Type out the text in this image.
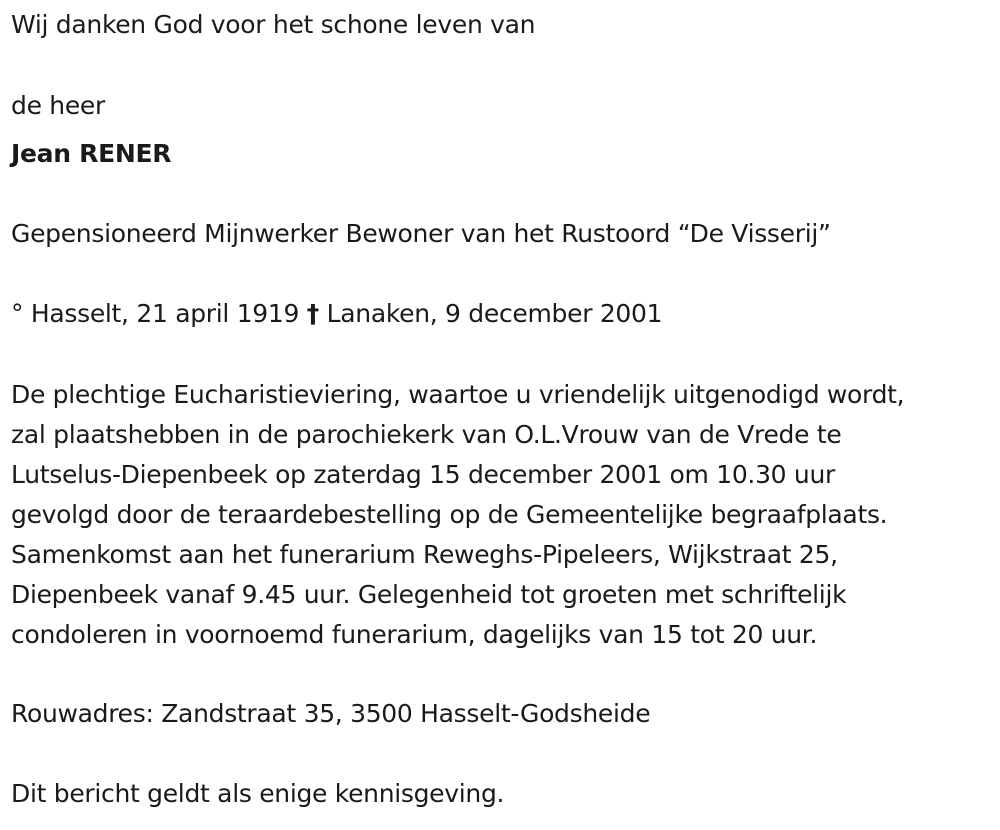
Wij danken God voor het schone leven van
de heer
Jean RENER
Gepensioneerd Mijnwerker Bewoner van het Rustoord “De Visserij”
° Hasselt, 21 april 1919 † Lanaken, 9 december 2001
De plechtige Eucharistieviering, waartoe u vriendelijk uitgenodigd wordt,
zal plaatshebben in de parochiekerk van O.L.Vrouw van de Vrede te
Lutselus-Diepenbeek op zaterdag 15 december 2001 om 10.30 uur
gevolgd door de teraardebestelling op de Gemeentelijke begraafplaats.
Samenkomst aan het funerarium Reweghs-Pipeleers, Wijkstraat 25,
Diepenbeek vanaf 9.45 uur. Gelegenheid tot groeten met schriftelijk
condoleren in voornoemd funerarium, dagelijks van 15 tot 20 uur.
Rouwadres: Zandstraat 35, 3500 Hasselt-Godsheide
Dit bericht geldt als enige kennisgeving.
